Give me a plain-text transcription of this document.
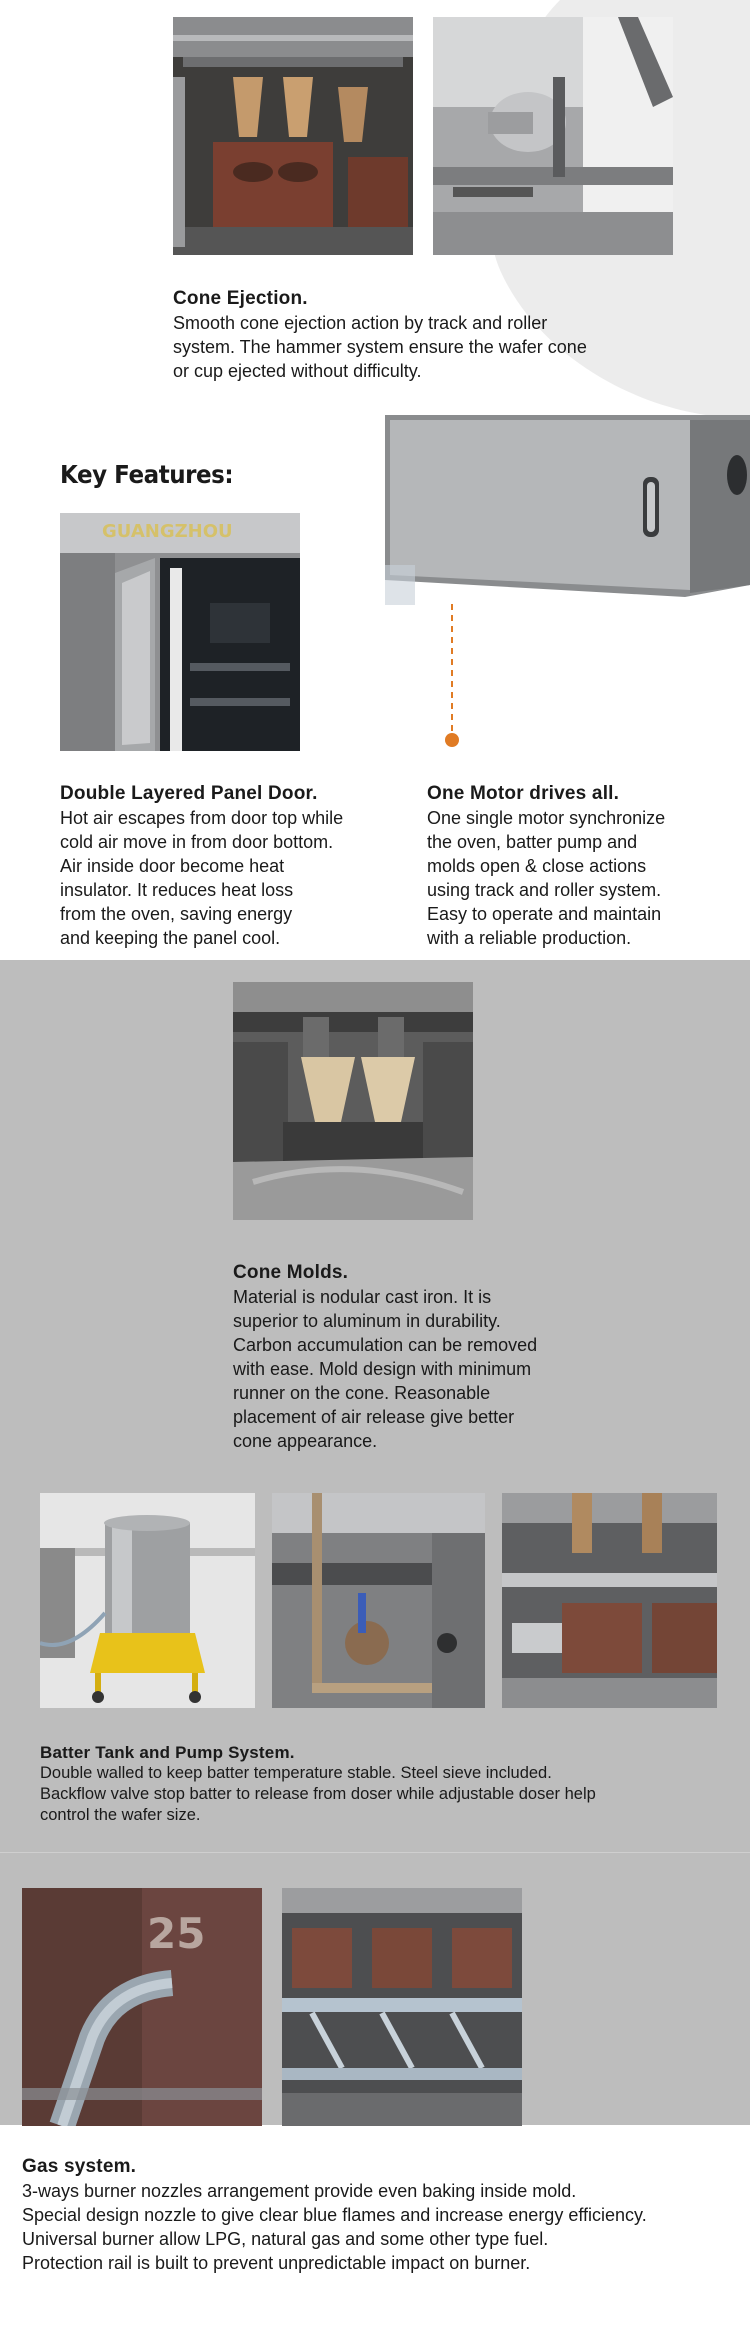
Cone Ejection.
Smooth cone ejection action by track and roller
system. The hammer system ensure the wafer cone
or cup ejected without difficulty.
Key Features:
GUANGZHOU
Double Layered Panel Door.
Hot air escapes from door top while
cold air move in from door bottom.
Air inside door become heat
insulator. It reduces heat loss
from the oven, saving energy
and keeping the panel cool.
One Motor drives all.
One single motor synchronize
the oven, batter pump and
molds open & close actions
using track and roller system.
Easy to operate and maintain
with a reliable production.
Cone Molds.
Material is nodular cast iron. It is
superior to aluminum in durability.
Carbon accumulation can be removed
with ease. Mold design with minimum
runner on the cone. Reasonable
placement of air release give better
cone appearance.
Batter Tank and Pump System.
Double walled to keep batter temperature stable. Steel sieve included.
Backflow valve stop batter to release from doser while adjustable doser help
control the wafer size.
25
Gas system.
3-ways burner nozzles arrangement provide even baking inside mold.
Special design nozzle to give clear blue flames and increase energy efficiency.
Universal burner allow LPG, natural gas and some other type fuel.
Protection rail is built to prevent unpredictable impact on burner.
